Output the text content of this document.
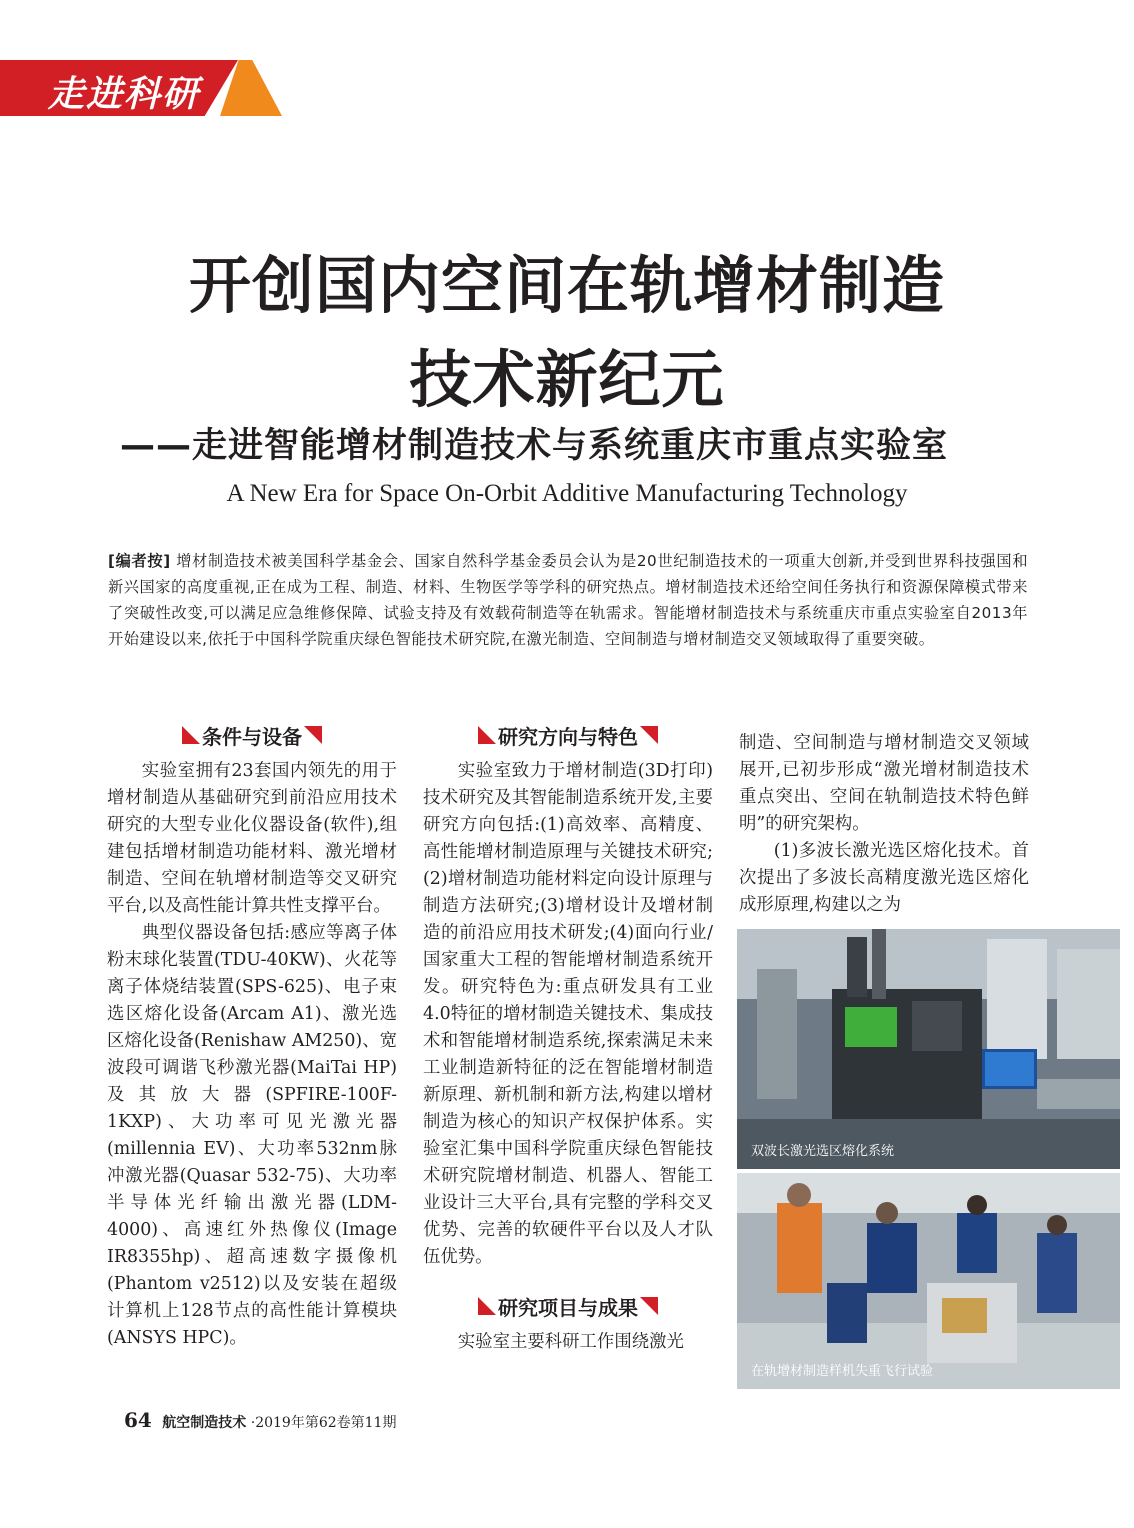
走进科研
开创国内空间在轨增材制造
技术新纪元
——走进智能增材制造技术与系统重庆市重点实验室
A New Era for Space On-Orbit Additive Manufacturing Technology
[编者按] 增材制造技术被美国科学基金会、国家自然科学基金委员会认为是20世纪制造技术的一项重大创新,并受到世界科技强国和新兴国家的高度重视,正在成为工程、制造、材料、生物医学等学科的研究热点。增材制造技术还给空间任务执行和资源保障模式带来了突破性改变,可以满足应急维修保障、试验支持及有效载荷制造等在轨需求。智能增材制造技术与系统重庆市重点实验室自2013年开始建设以来,依托于中国科学院重庆绿色智能技术研究院,在激光制造、空间制造与增材制造交叉领域取得了重要突破。
条件与设备

实验室拥有23套国内领先的用于增材制造从基础研究到前沿应用技术研究的大型专业化仪器设备(软件),组建包括增材制造功能材料、激光增材制造、空间在轨增材制造等交叉研究平台,以及高性能计算共性支撑平台。

典型仪器设备包括:感应等离子体粉末球化装置(TDU-40KW)、火花等离子体烧结装置(SPS-625)、电子束选区熔化设备(Arcam A1)、激光选区熔化设备(Renishaw AM250)、宽波段可调谐飞秒激光器(MaiTai HP)及其放大器(SPFIRE-100F-1KXP)、大功率可见光激光器(millennia EV)、大功率532nm脉冲激光器(Quasar 532-75)、大功率半导体光纤输出激光器(LDM-4000)、高速红外热像仪(Image IR8355hp)、超高速数字摄像机(Phantom v2512)以及安装在超级计算机上128节点的高性能计算模块(ANSYS HPC)。

研究方向与特色

实验室致力于增材制造(3D打印)技术研究及其智能制造系统开发,主要研究方向包括:(1)高效率、高精度、高性能增材制造原理与关键技术研究;(2)增材制造功能材料定向设计原理与制造方法研究;(3)增材设计及增材制造的前沿应用技术研发;(4)面向行业/国家重大工程的智能增材制造系统开发。研究特色为:重点研发具有工业4.0特征的增材制造关键技术、集成技术和智能增材制造系统,探索满足未来工业制造新特征的泛在智能增材制造新原理、新机制和新方法,构建以增材制造为核心的知识产权保护体系。实验室汇集中国科学院重庆绿色智能技术研究院增材制造、机器人、智能工业设计三大平台,具有完整的学科交叉优势、完善的软硬件平台以及人才队伍优势。

研究项目与成果

实验室主要科研工作围绕激光

制造、空间制造与增材制造交叉领域展开,已初步形成“激光增材制造技术重点突出、空间在轨制造技术特色鲜明”的研究架构。

(1)多波长激光选区熔化技术。首次提出了多波长高精度激光选区熔化成形原理,构建以之为

双波长激光选区熔化系统
在轨增材制造样机失重飞行试验
64 航空制造技术 ·2019年第62卷第11期
